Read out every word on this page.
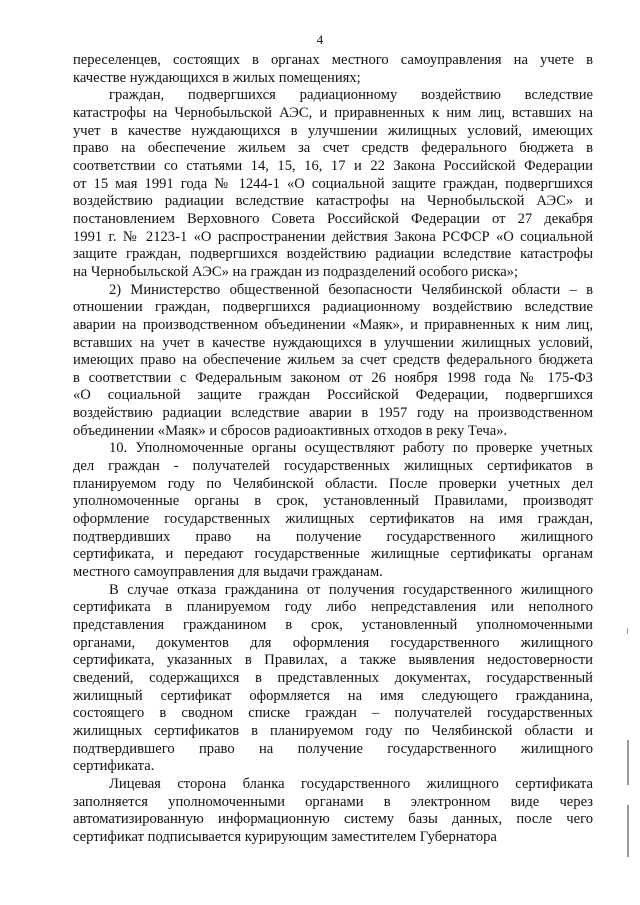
4
переселенцев, состоящих в органах местного самоуправления на учете в
качестве нуждающихся в жилых помещениях;
граждан, подвергшихся радиационному воздействию вследствие
катастрофы на Чернобыльской АЭС, и приравненных к ним лиц, вставших на
учет в качестве нуждающихся в улучшении жилищных условий, имеющих
право на обеспечение жильем за счет средств федерального бюджета в
соответствии со статьями 14, 15, 16, 17 и 22 Закона Российской Федерации
от 15 мая 1991 года № 1244-1 «О социальной защите граждан, подвергшихся
воздействию радиации вследствие катастрофы на Чернобыльской АЭС» и
постановлением Верховного Совета Российской Федерации от 27 декабря
1991 г. № 2123-1 «О распространении действия Закона РСФСР «О социальной
защите граждан, подвергшихся воздействию радиации вследствие катастрофы
на Чернобыльской АЭС» на граждан из подразделений особого риска»;
2) Министерство общественной безопасности Челябинской области – в
отношении граждан, подвергшихся радиационному воздействию вследствие
аварии на производственном объединении «Маяк», и приравненных к ним лиц,
вставших на учет в качестве нуждающихся в улучшении жилищных условий,
имеющих право на обеспечение жильем за счет средств федерального бюджета
в соответствии с Федеральным законом от 26 ноября 1998 года № 175-ФЗ
«О социальной защите граждан Российской Федерации, подвергшихся
воздействию радиации вследствие аварии в 1957 году на производственном
объединении «Маяк» и сбросов радиоактивных отходов в реку Теча».
10. Уполномоченные органы осуществляют работу по проверке учетных
дел граждан - получателей государственных жилищных сертификатов в
планируемом году по Челябинской области. После проверки учетных дел
уполномоченные органы в срок, установленный Правилами, производят
оформление государственных жилищных сертификатов на имя граждан,
подтвердивших право на получение государственного жилищного
сертификата, и передают государственные жилищные сертификаты органам
местного самоуправления для выдачи гражданам.
В случае отказа гражданина от получения государственного жилищного
сертификата в планируемом году либо непредставления или неполного
представления гражданином в срок, установленный уполномоченными
органами, документов для оформления государственного жилищного
сертификата, указанных в Правилах, а также выявления недостоверности
сведений, содержащихся в представленных документах, государственный
жилищный сертификат оформляется на имя следующего гражданина,
состоящего в сводном списке граждан – получателей государственных
жилищных сертификатов в планируемом году по Челябинской области и
подтвердившего право на получение государственного жилищного
сертификата.
Лицевая сторона бланка государственного жилищного сертификата
заполняется уполномоченными органами в электронном виде через
автоматизированную информационную систему базы данных, после чего
сертификат подписывается курирующим заместителем Губернатора
